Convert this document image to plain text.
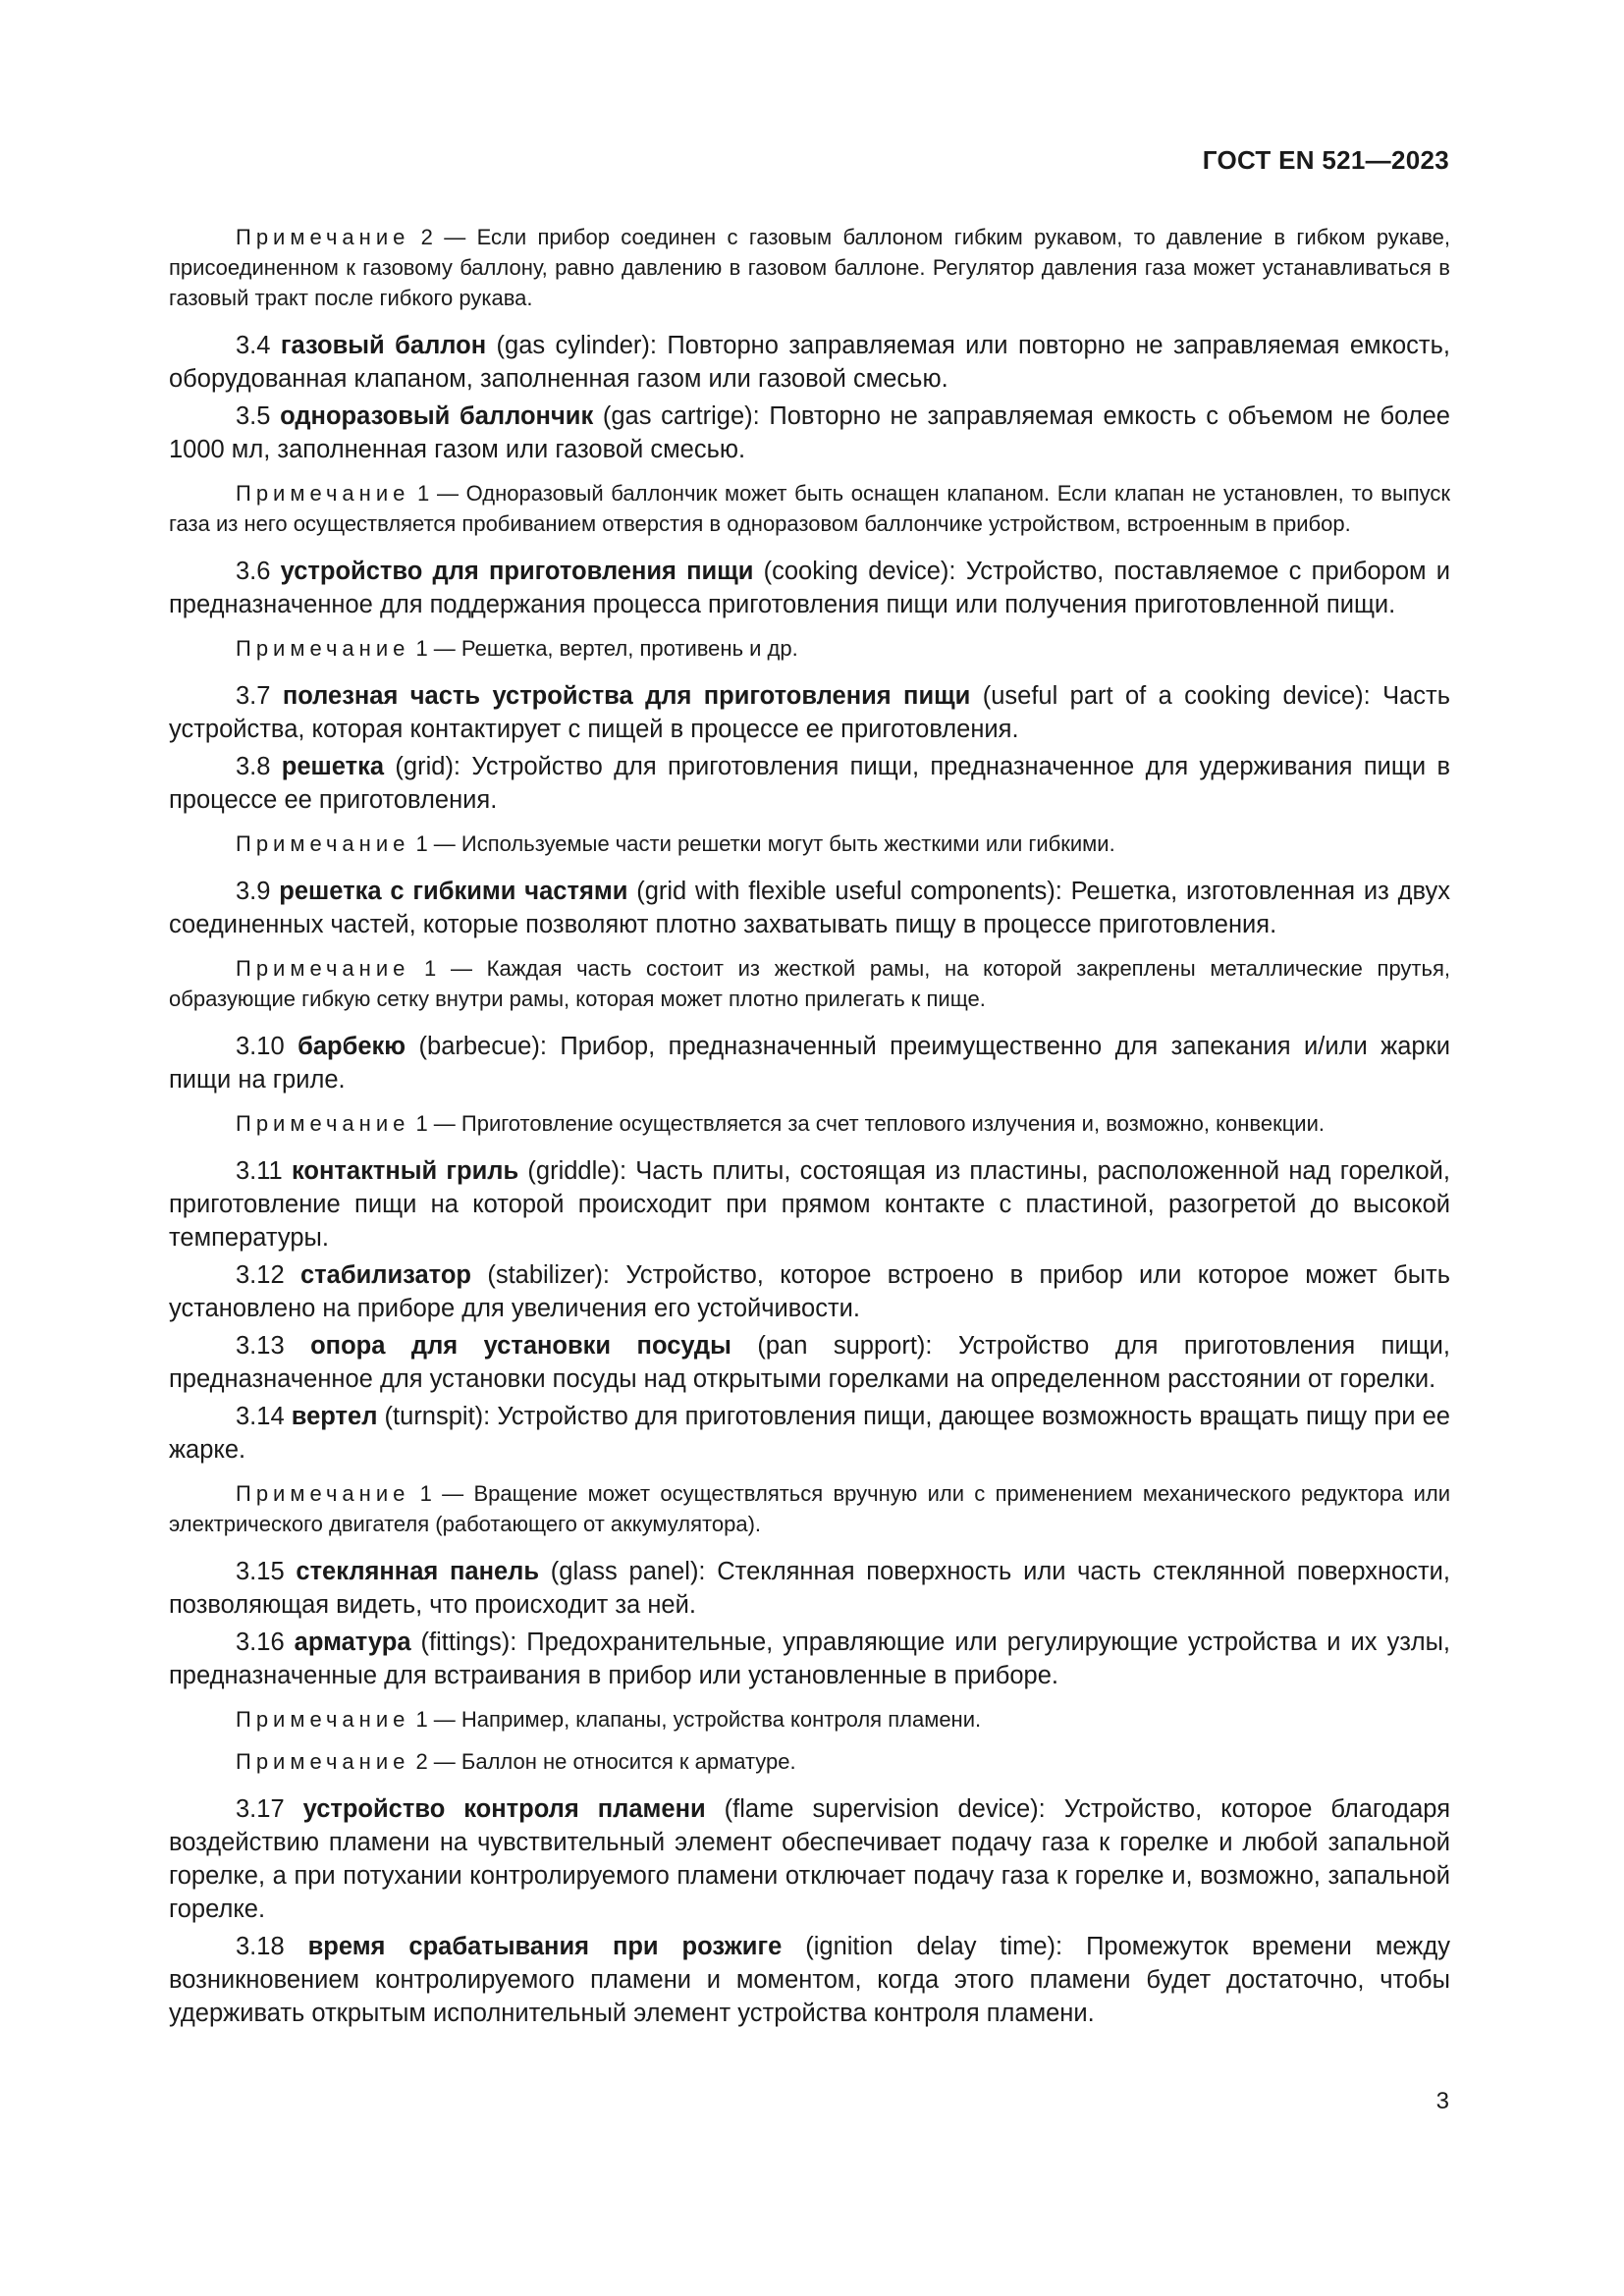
ГОСТ EN 521—2023

Примечание 2 — Если прибор соединен с газовым баллоном гибким рукавом, то давление в гибком рукаве, присоединенном к газовому баллону, равно давлению в газовом баллоне. Регулятор давления газа может устанавливаться в газовый тракт после гибкого рукава.

3.4 газовый баллон (gas cylinder): Повторно заправляемая или повторно не заправляемая емкость, оборудованная клапаном, заполненная газом или газовой смесью.

3.5 одноразовый баллончик (gas cartrige): Повторно не заправляемая емкость с объемом не более 1000 мл, заполненная газом или газовой смесью.

Примечание 1 — Одноразовый баллончик может быть оснащен клапаном. Если клапан не установлен, то выпуск газа из него осуществляется пробиванием отверстия в одноразовом баллончике устройством, встроенным в прибор.

3.6 устройство для приготовления пищи (cooking device): Устройство, поставляемое с прибором и предназначенное для поддержания процесса приготовления пищи или получения приготовленной пищи.

Примечание 1 — Решетка, вертел, противень и др.

3.7 полезная часть устройства для приготовления пищи (useful part of a cooking device): Часть устройства, которая контактирует с пищей в процессе ее приготовления.

3.8 решетка (grid): Устройство для приготовления пищи, предназначенное для удерживания пищи в процессе ее приготовления.

Примечание 1 — Используемые части решетки могут быть жесткими или гибкими.

3.9 решетка с гибкими частями (grid with flexible useful components): Решетка, изготовленная из двух соединенных частей, которые позволяют плотно захватывать пищу в процессе приготовления.

Примечание 1 — Каждая часть состоит из жесткой рамы, на которой закреплены металлические прутья, образующие гибкую сетку внутри рамы, которая может плотно прилегать к пище.

3.10 барбекю (barbecue): Прибор, предназначенный преимущественно для запекания и/или жарки пищи на гриле.

Примечание 1 — Приготовление осуществляется за счет теплового излучения и, возможно, конвекции.

3.11 контактный гриль (griddle): Часть плиты, состоящая из пластины, расположенной над горелкой, приготовление пищи на которой происходит при прямом контакте с пластиной, разогретой до высокой температуры.

3.12 стабилизатор (stabilizer): Устройство, которое встроено в прибор или которое может быть установлено на приборе для увеличения его устойчивости.

3.13 опора для установки посуды (pan support): Устройство для приготовления пищи, предназначенное для установки посуды над открытыми горелками на определенном расстоянии от горелки.

3.14 вертел (turnspit): Устройство для приготовления пищи, дающее возможность вращать пищу при ее жарке.

Примечание 1 — Вращение может осуществляться вручную или с применением механического редуктора или электрического двигателя (работающего от аккумулятора).

3.15 стеклянная панель (glass panel): Стеклянная поверхность или часть стеклянной поверхности, позволяющая видеть, что происходит за ней.

3.16 арматура (fittings): Предохранительные, управляющие или регулирующие устройства и их узлы, предназначенные для встраивания в прибор или установленные в приборе.

Примечание 1 — Например, клапаны, устройства контроля пламени.

Примечание 2 — Баллон не относится к арматуре.

3.17 устройство контроля пламени (flame supervision device): Устройство, которое благодаря воздействию пламени на чувствительный элемент обеспечивает подачу газа к горелке и любой запальной горелке, а при потухании контролируемого пламени отключает подачу газа к горелке и, возможно, запальной горелке.

3.18 время срабатывания при розжиге (ignition delay time): Промежуток времени между возникновением контролируемого пламени и моментом, когда этого пламени будет достаточно, чтобы удерживать открытым исполнительный элемент устройства контроля пламени.

3
